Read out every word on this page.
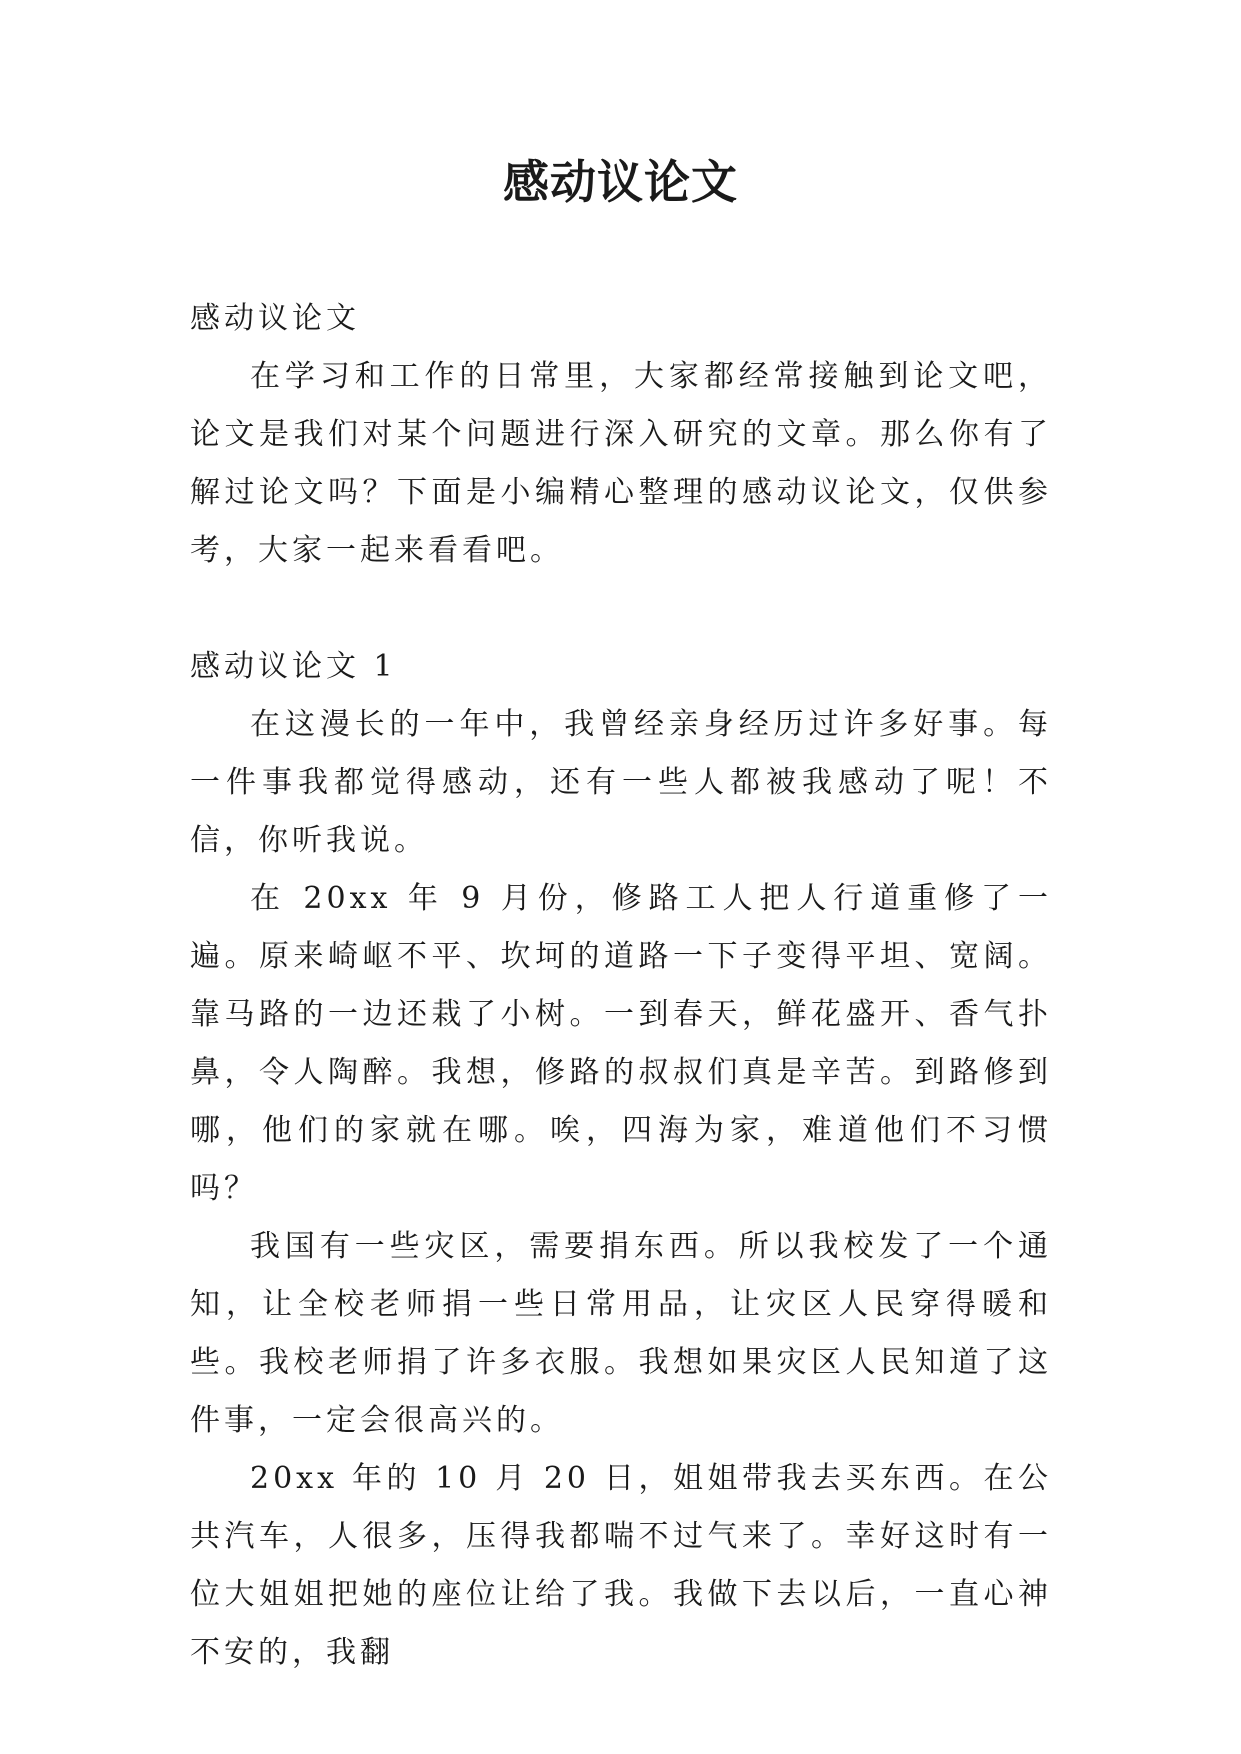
感动议论文

感动议论文

在学习和工作的日常里，大家都经常接触到论文吧，论文是我们对某个问题进行深入研究的文章。那么你有了解过论文吗？下面是小编精心整理的感动议论文，仅供参考，大家一起来看看吧。

感动议论文 1

在这漫长的一年中，我曾经亲身经历过许多好事。每一件事我都觉得感动，还有一些人都被我感动了呢！不信，你听我说。

在 20xx 年 9 月份，修路工人把人行道重修了一遍。原来崎岖不平、坎坷的道路一下子变得平坦、宽阔。靠马路的一边还栽了小树。一到春天，鲜花盛开、香气扑鼻，令人陶醉。我想，修路的叔叔们真是辛苦。到路修到哪，他们的家就在哪。唉，四海为家，难道他们不习惯吗？

我国有一些灾区，需要捐东西。所以我校发了一个通知，让全校老师捐一些日常用品，让灾区人民穿得暖和些。我校老师捐了许多衣服。我想如果灾区人民知道了这件事，一定会很高兴的。

20xx 年的 10 月 20 日，姐姐带我去买东西。在公共汽车，人很多，压得我都喘不过气来了。幸好这时有一位大姐姐把她的座位让给了我。我做下去以后，一直心神不安的，我翻
